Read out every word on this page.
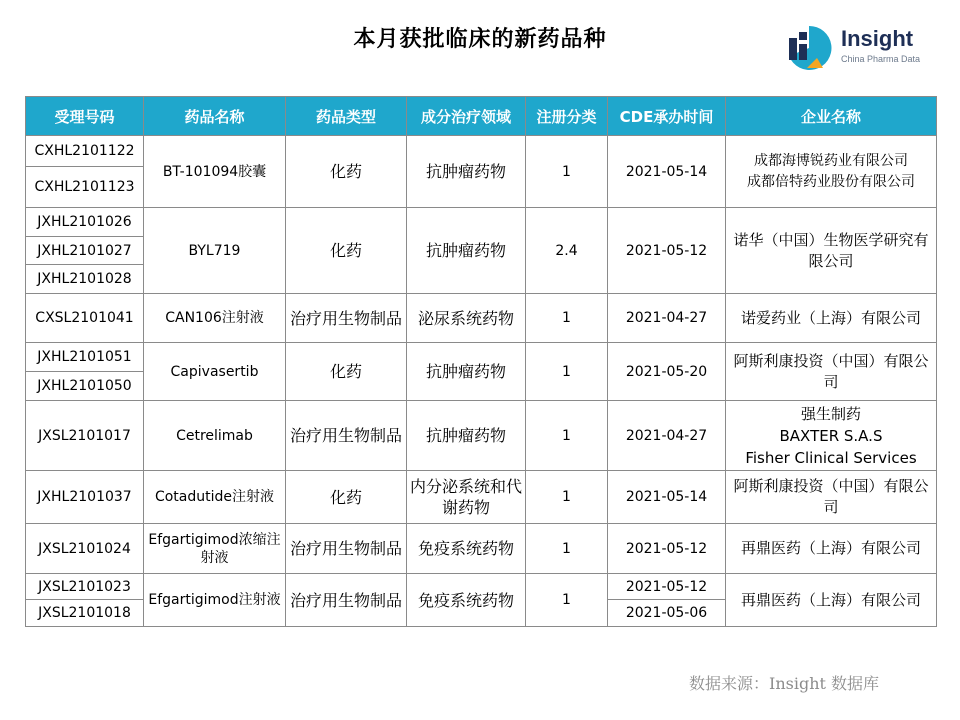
本月获批临床的新药品种	Insight
China Pharma Data
受理号码	药品名称	药品类型	成分治疗领域	注册分类	CDE承办时间	企业名称
CXHL2101122	BT-101094胶囊	化药	抗肿瘤药物	1	2021-05-14	成都海博锐药业有限公司
成都倍特药业股份有限公司

CXHL2101123						
JXHL2101026	BYL719	化药	抗肿瘤药物	2.4	2021-05-12	诺华（中国）生物医学研究有限公司
JXHL2101027						
JXHL2101028						
CXSL2101041	CAN106注射液	治疗用生物制品	泌尿系统药物	1	2021-04-27	诺爱药业（上海）有限公司
JXHL2101051	Capivasertib	化药	抗肿瘤药物	1	2021-05-20	阿斯利康投资（中国）有限公司
JXHL2101050						
JXSL2101017	Cetrelimab	治疗用生物制品	抗肿瘤药物	1	2021-04-27	强生制药
BAXTER S.A.S
Fisher Clinical Services

JXHL2101037	Cotadutide注射液	化药	内分泌系统和代谢药物	1	2021-05-14	阿斯利康投资（中国）有限公司
JXSL2101024	Efgartigimod浓缩注射液	治疗用生物制品	免疫系统药物	1	2021-05-12	再鼎医药（上海）有限公司
JXSL2101023	Efgartigimod注射液	治疗用生物制品	免疫系统药物	1	2021-05-12	再鼎医药（上海）有限公司
JXSL2101018					2021-05-06	
数据来源：Insight 数据库
